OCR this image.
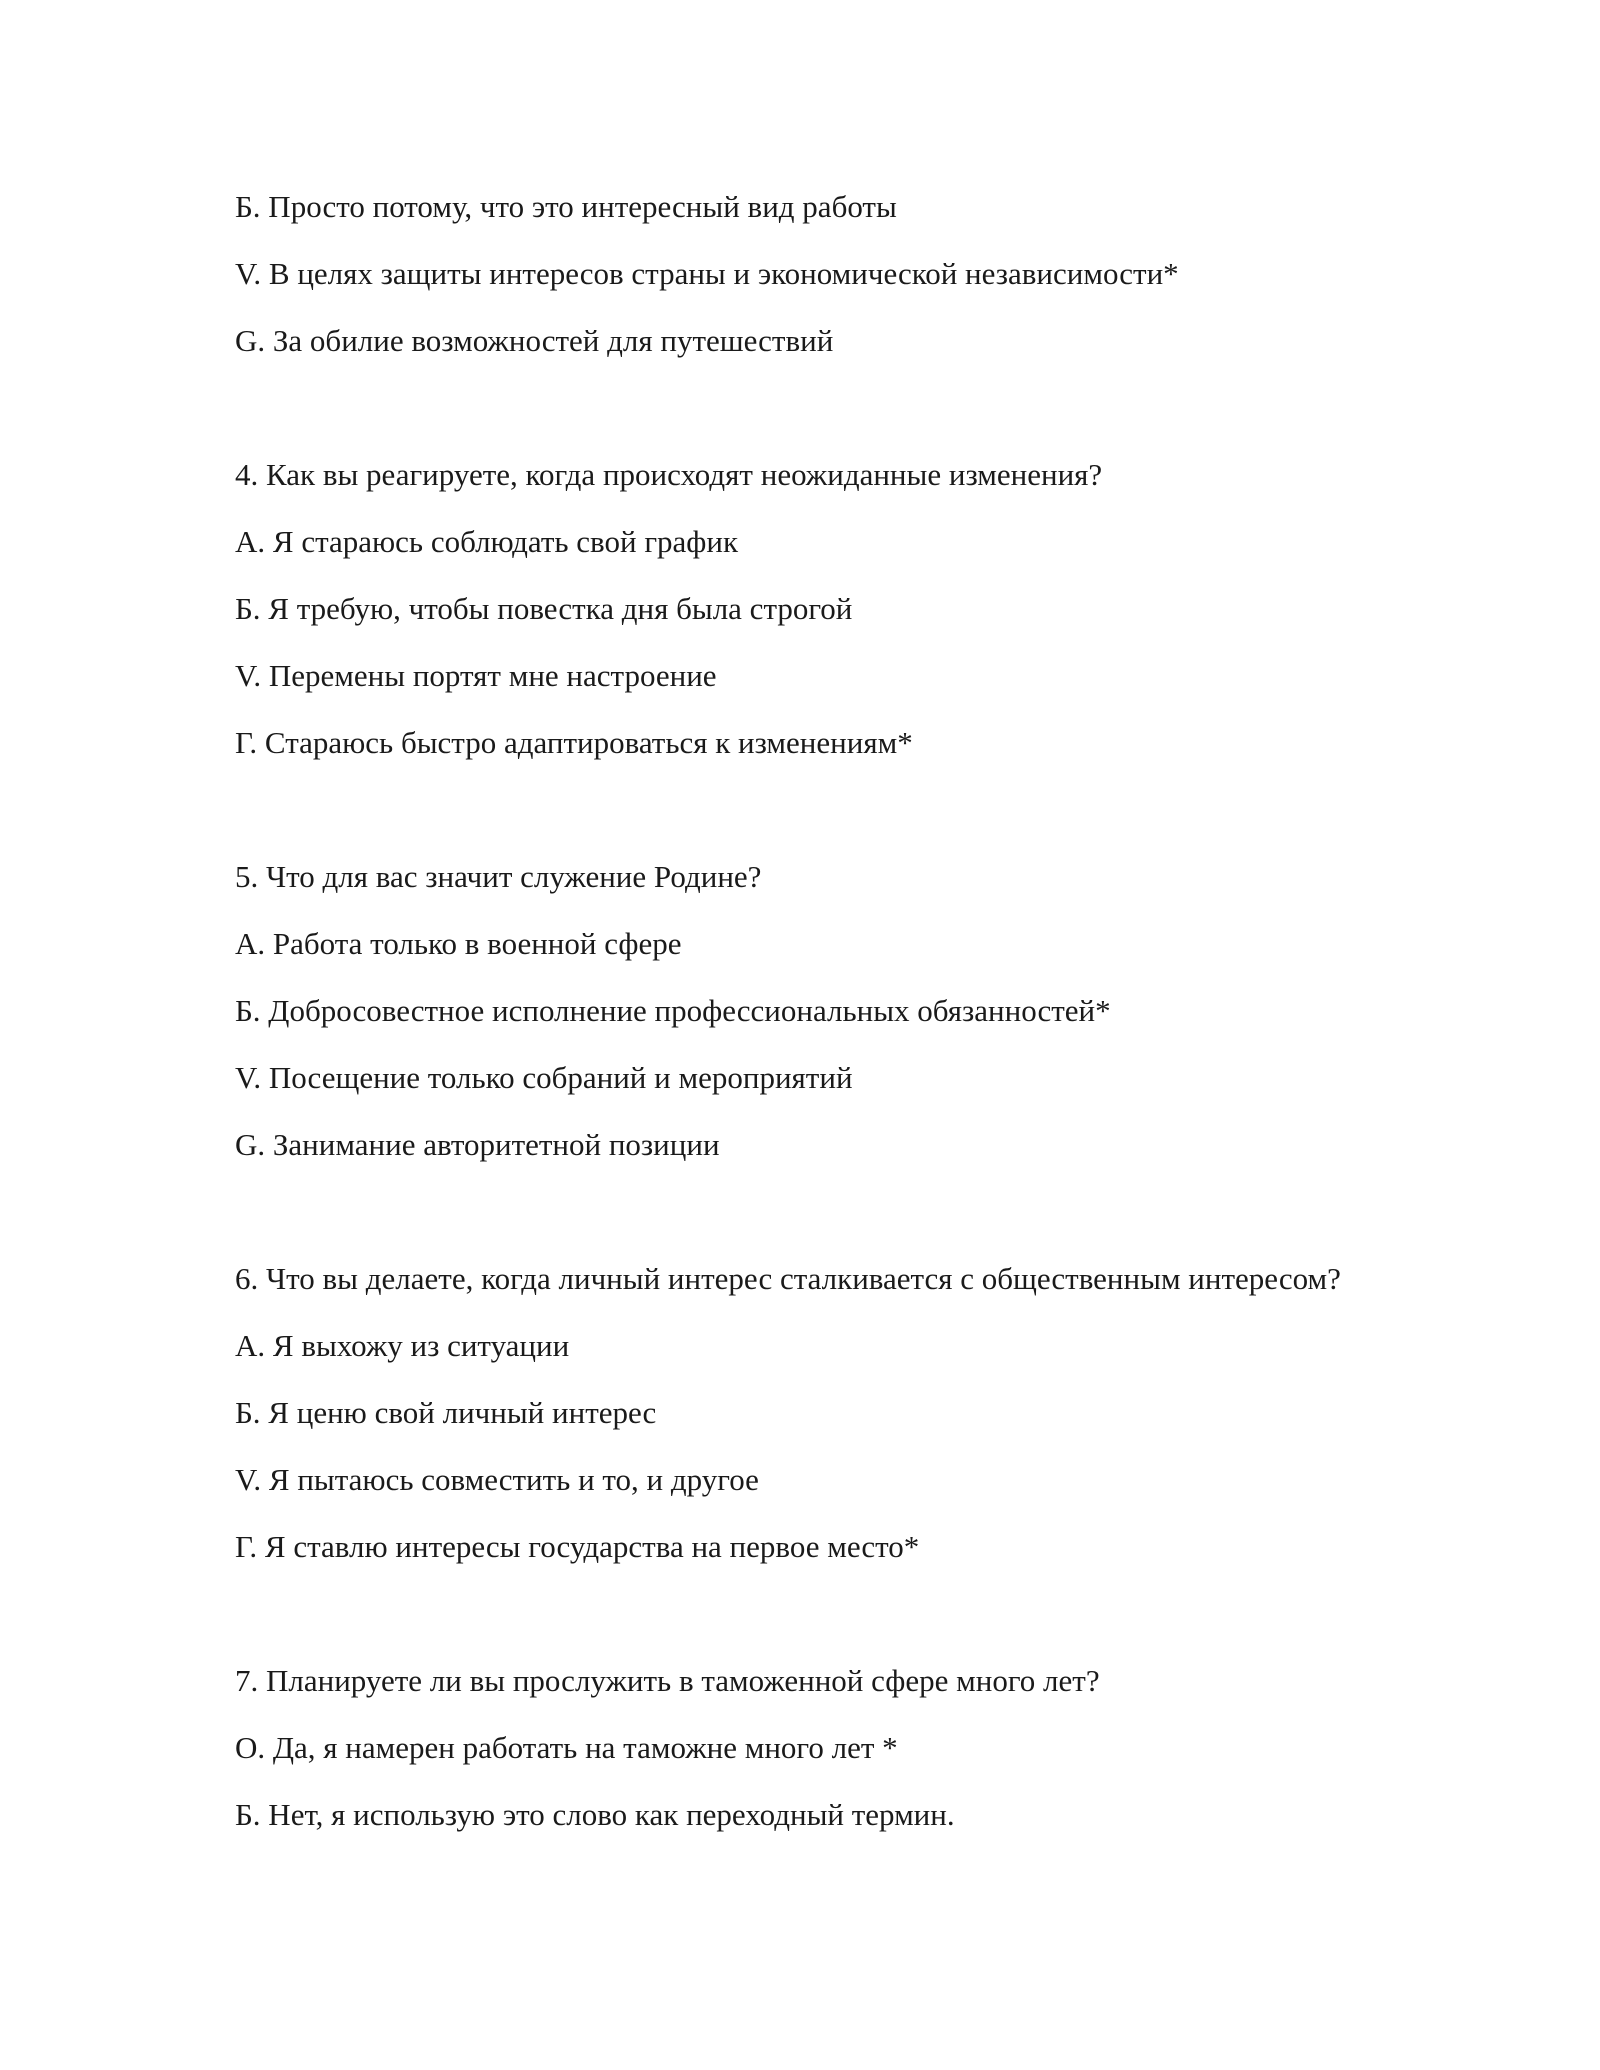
Б. Просто потому, что это интересный вид работы
V. В целях защиты интересов страны и экономической независимости*
G. За обилие возможностей для путешествий
4. Как вы реагируете, когда происходят неожиданные изменения?
А. Я стараюсь соблюдать свой график
Б. Я требую, чтобы повестка дня была строгой
V. Перемены портят мне настроение
Г. Стараюсь быстро адаптироваться к изменениям*
5. Что для вас значит служение Родине?
А. Работа только в военной сфере
Б. Добросовестное исполнение профессиональных обязанностей*
V. Посещение только собраний и мероприятий
G. Занимание авторитетной позиции
6. Что вы делаете, когда личный интерес сталкивается с общественным интересом?
А. Я выхожу из ситуации
Б. Я ценю свой личный интерес
V. Я пытаюсь совместить и то, и другое
Г. Я ставлю интересы государства на первое место*
7. Планируете ли вы прослужить в таможенной сфере много лет?
О. Да, я намерен работать на таможне много лет *
Б. Нет, я использую это слово как переходный термин.
